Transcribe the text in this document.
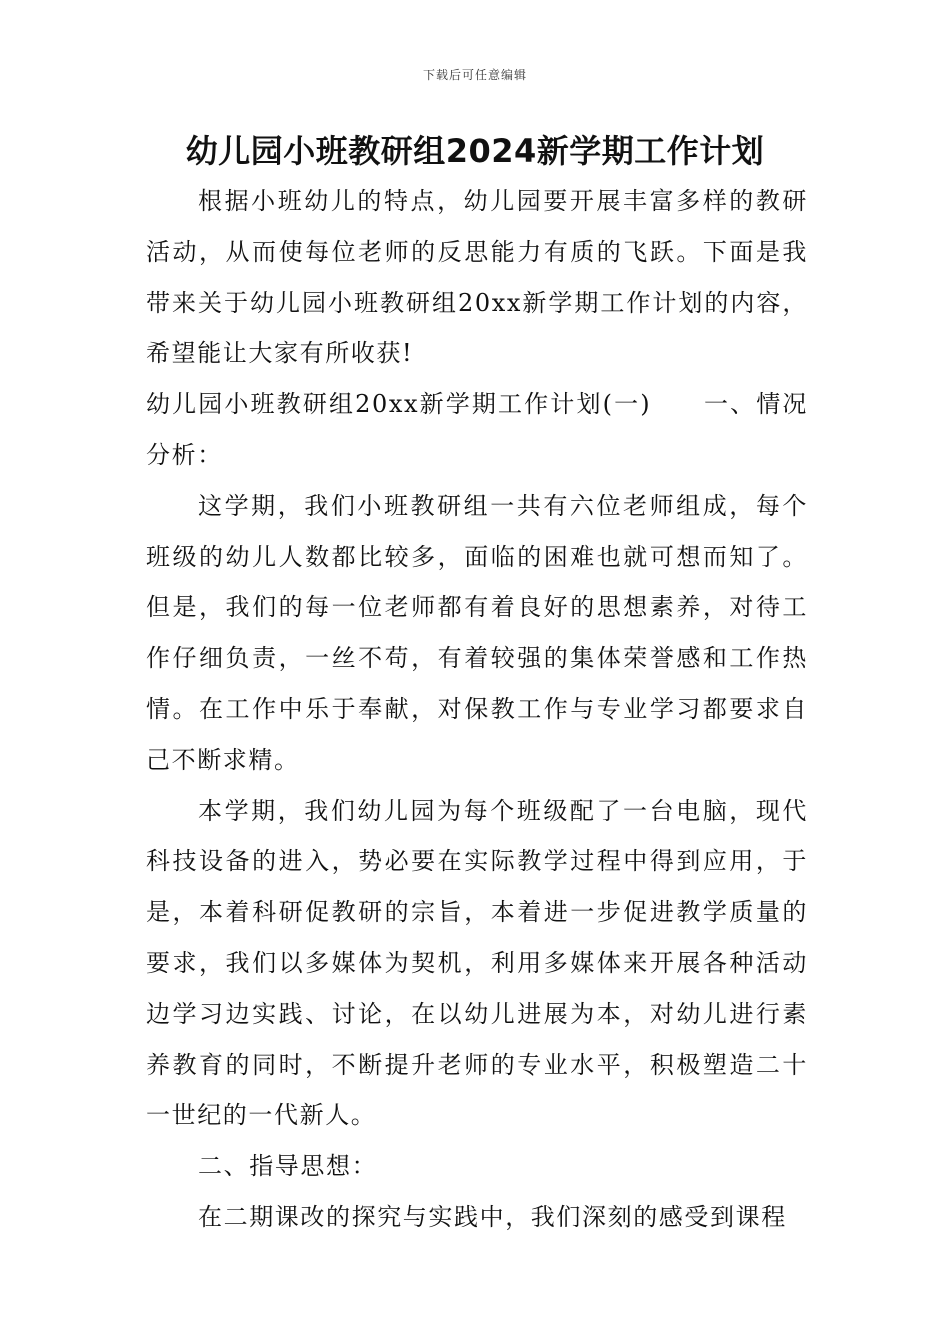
下载后可任意编辑
幼儿园小班教研组2024新学期工作计划

根据小班幼儿的特点，幼儿园要开展丰富多样的教研活动，从而使每位老师的反思能力有质的飞跃。下面是我带来关于幼儿园小班教研组20xx新学期工作计划的内容，希望能让大家有所收获!

幼儿园小班教研组20xx新学期工作计划(一)　　一、情况分析：

这学期，我们小班教研组一共有六位老师组成，每个班级的幼儿人数都比较多，面临的困难也就可想而知了。但是，我们的每一位老师都有着良好的思想素养，对待工作仔细负责，一丝不苟，有着较强的集体荣誉感和工作热情。在工作中乐于奉献，对保教工作与专业学习都要求自己不断求精。

本学期，我们幼儿园为每个班级配了一台电脑，现代科技设备的进入，势必要在实际教学过程中得到应用，于是，本着科研促教研的宗旨，本着进一步促进教学质量的要求，我们以多媒体为契机，利用多媒体来开展各种活动边学习边实践、讨论，在以幼儿进展为本，对幼儿进行素养教育的同时，不断提升老师的专业水平，积极塑造二十一世纪的一代新人。

二、指导思想：

在二期课改的探究与实践中，我们深刻的感受到课程
